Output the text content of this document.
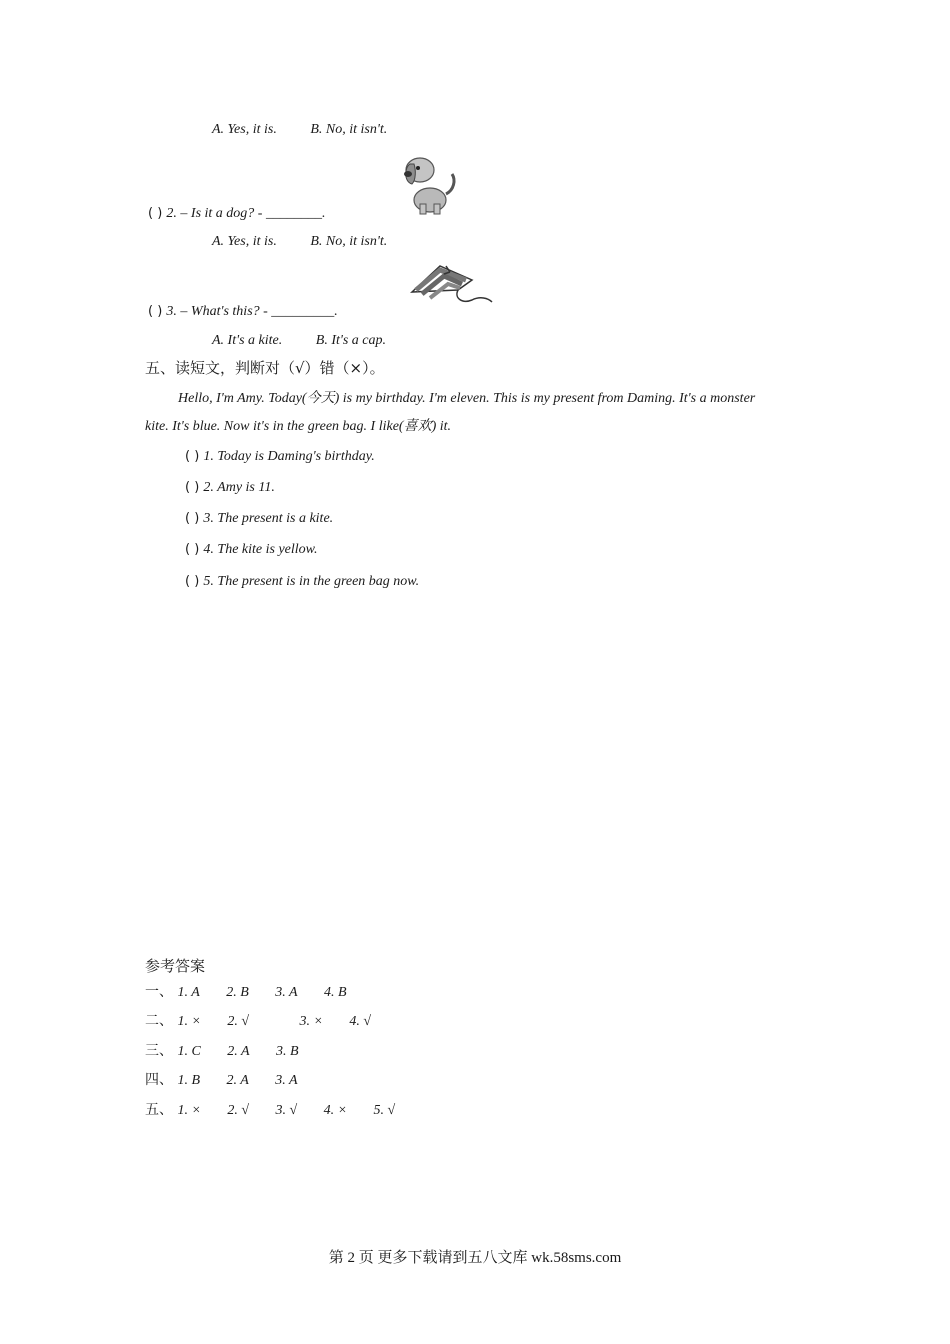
A. Yes, it is. B. No, it isn't.
( ) 2. – Is it a dog? - ________.
A. Yes, it is. B. No, it isn't.
( ) 3. – What's this? - _________.
A. It's a kite. B. It's a cap.
五、读短文，判断对（√）错（×）。
Hello, I'm Amy. Today(今天) is my birthday. I'm eleven. This is my present from Daming. It's a monster
kite. It's blue. Now it's in the green bag. I like(喜欢) it.
( ) 1. Today is Daming's birthday.
( ) 2. Amy is 11.
( ) 3. The present is a kite.
( ) 4. The kite is yellow.
( ) 5. The present is in the green bag now.
参考答案
一、 1. A 2. B 3. A 4. B
二、 1. × 2. √	3. × 4. √
三、 1. C 2. A 3. B
四、 1. B 2. A 3. A
五、 1. × 2. √ 3. √ 4. × 5. √
第 2 页 更多下载请到五八文库 wk.58sms.com
